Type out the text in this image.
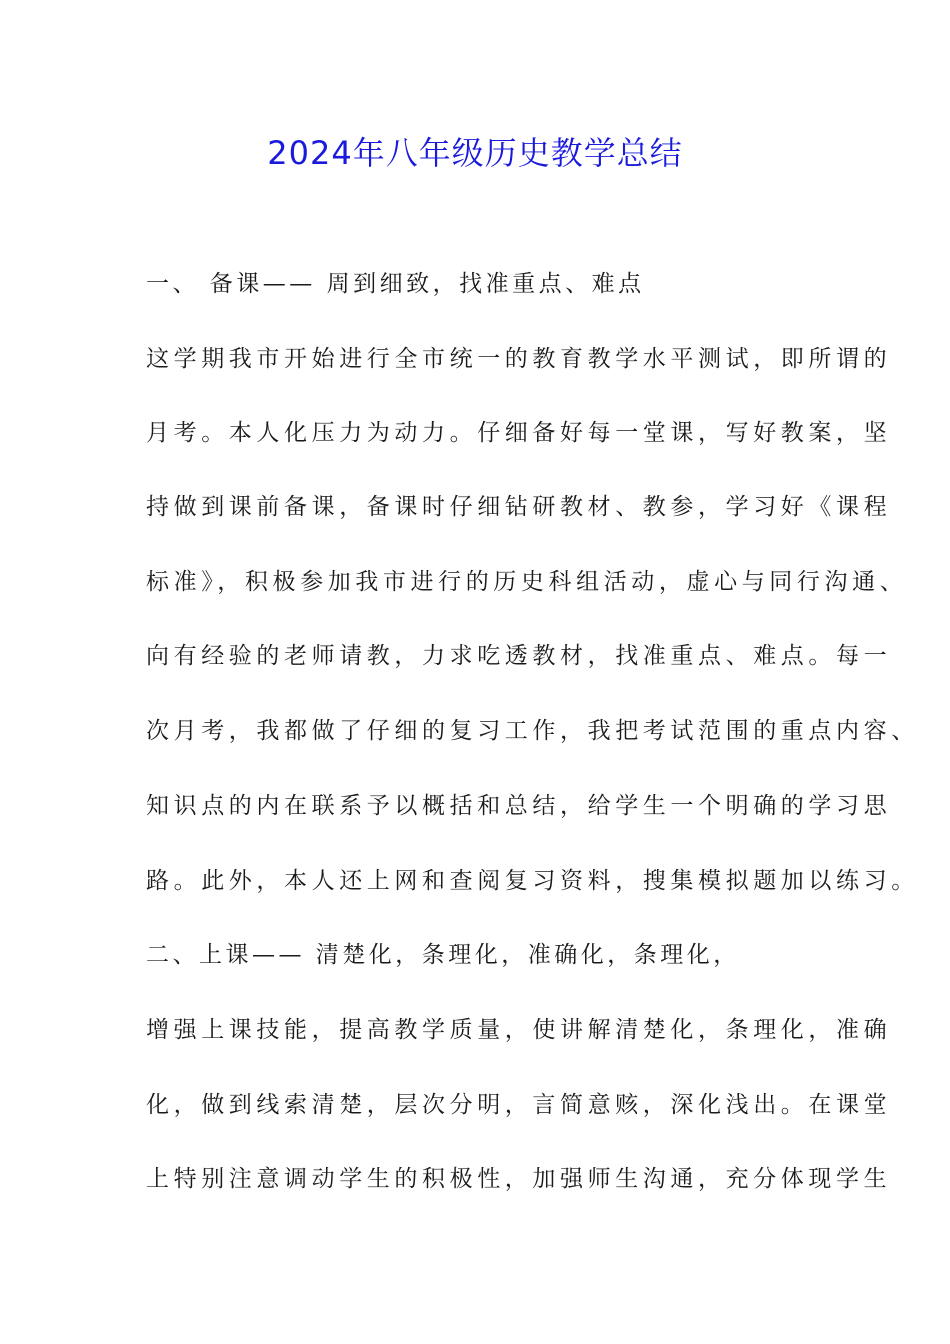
2024年八年级历史教学总结
一、 备课—— 周到细致，找准重点、难点
这学期我市开始进行全市统一的教育教学水平测试，即所谓的
月考。本人化压力为动力。仔细备好每一堂课，写好教案，坚
持做到课前备课，备课时仔细钻研教材、教参，学习好《课程
标准》，积极参加我市进行的历史科组活动，虚心与同行沟通、
向有经验的老师请教，力求吃透教材，找准重点、难点。每一
次月考，我都做了仔细的复习工作，我把考试范围的重点内容、
知识点的内在联系予以概括和总结，给学生一个明确的学习思
路。此外，本人还上网和查阅复习资料，搜集模拟题加以练习。
二、上课—— 清楚化，条理化，准确化，条理化，
增强上课技能，提高教学质量，使讲解清楚化，条理化，准确
化，做到线索清楚，层次分明，言简意赅，深化浅出。在课堂
上特别注意调动学生的积极性，加强师生沟通，充分体现学生
